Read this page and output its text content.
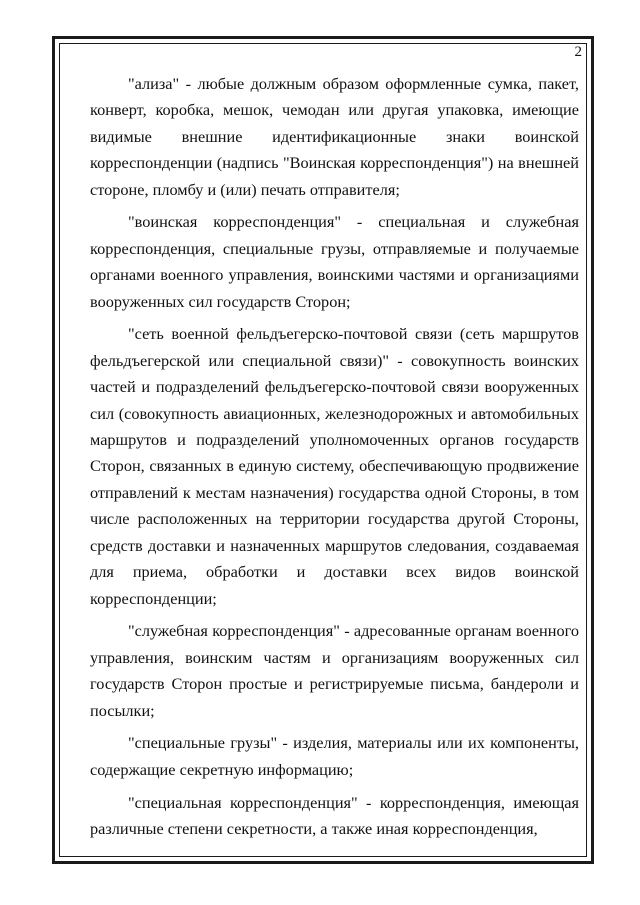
2

"ализа" - любые должным образом оформленные сумка, пакет, конверт, коробка, мешок, чемодан или другая упаковка, имеющие видимые внешние идентификационные знаки воинской корреспонденции (надпись "Воинская корреспонденция") на внешней стороне, пломбу и (или) печать отправителя;

"воинская корреспонденция" - специальная и служебная корреспонденция, специальные грузы, отправляемые и получаемые органами военного управления, воинскими частями и организациями вооруженных сил государств Сторон;

"сеть военной фельдъегерско-почтовой связи (сеть маршрутов фельдъегерской или специальной связи)" - совокупность воинских частей и подразделений фельдъегерско-почтовой связи вооруженных сил (совокупность авиационных, железнодорожных и автомобильных маршрутов и подразделений уполномоченных органов государств Сторон, связанных в единую систему, обеспечивающую продвижение отправлений к местам назначения) государства одной Стороны, в том числе расположенных на территории государства другой Стороны, средств доставки и назначенных маршрутов следования, создаваемая для приема, обработки и доставки всех видов воинской корреспонденции;

"служебная корреспонденция" - адресованные органам военного управления, воинским частям и организациям вооруженных сил государств Сторон простые и регистрируемые письма, бандероли и посылки;

"специальные грузы" - изделия, материалы или их компоненты, содержащие секретную информацию;

"специальная корреспонденция" - корреспонденция, имеющая различные степени секретности, а также иная корреспонденция,
